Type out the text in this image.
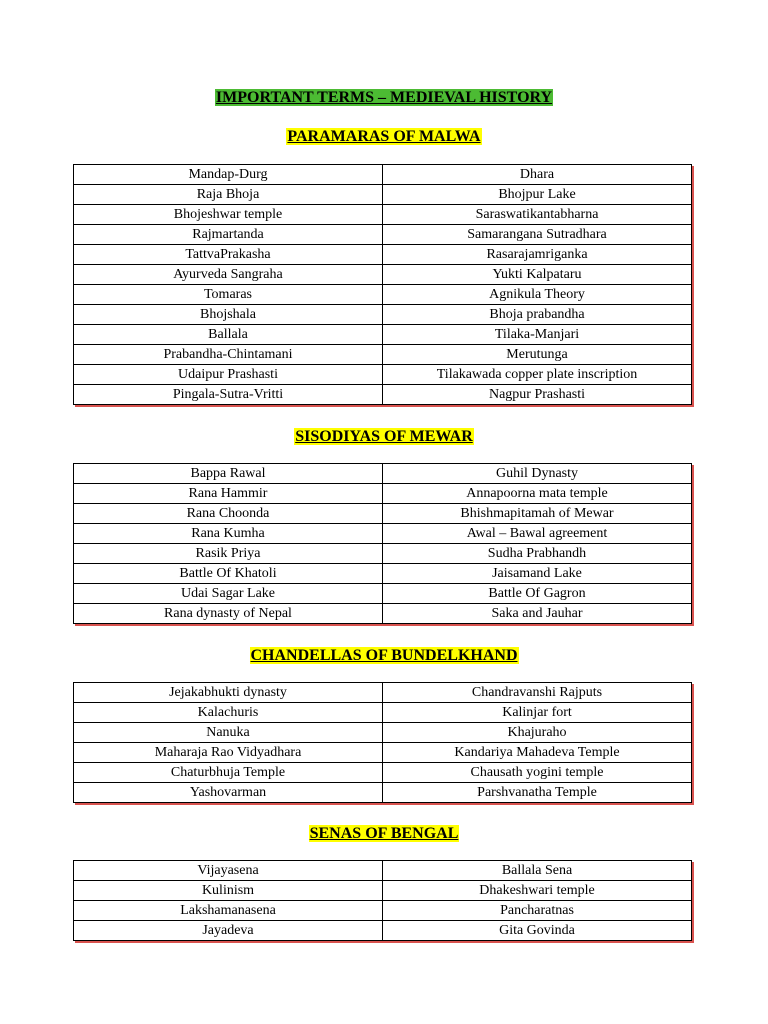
IMPORTANT TERMS – MEDIEVAL HISTORY
PARAMARAS OF MALWA
Mandap-Durg	Dhara
Raja Bhoja	Bhojpur Lake
Bhojeshwar temple	Saraswatikantabharna
Rajmartanda	Samarangana Sutradhara
TattvaPrakasha	Rasarajamriganka
Ayurveda Sangraha	Yukti Kalpataru
Tomaras	Agnikula Theory
Bhojshala	Bhoja prabandha
Ballala	Tilaka-Manjari
Prabandha-Chintamani	Merutunga
Udaipur Prashasti	Tilakawada copper plate inscription
Pingala-Sutra-Vritti	Nagpur Prashasti
SISODIYAS OF MEWAR
Bappa Rawal	Guhil Dynasty
Rana Hammir	Annapoorna mata temple
Rana Choonda	Bhishmapitamah of Mewar
Rana Kumha	Awal – Bawal agreement
Rasik Priya	Sudha Prabhandh
Battle Of Khatoli	Jaisamand Lake
Udai Sagar Lake	Battle Of Gagron
Rana dynasty of Nepal	Saka and Jauhar
CHANDELLAS OF BUNDELKHAND
Jejakabhukti dynasty	Chandravanshi Rajputs
Kalachuris	Kalinjar fort
Nanuka	Khajuraho
Maharaja Rao Vidyadhara	Kandariya Mahadeva Temple
Chaturbhuja Temple	Chausath yogini temple
Yashovarman	Parshvanatha Temple
SENAS OF BENGAL
Vijayasena	Ballala Sena
Kulinism	Dhakeshwari temple
Lakshamanasena	Pancharatnas
Jayadeva	Gita Govinda
